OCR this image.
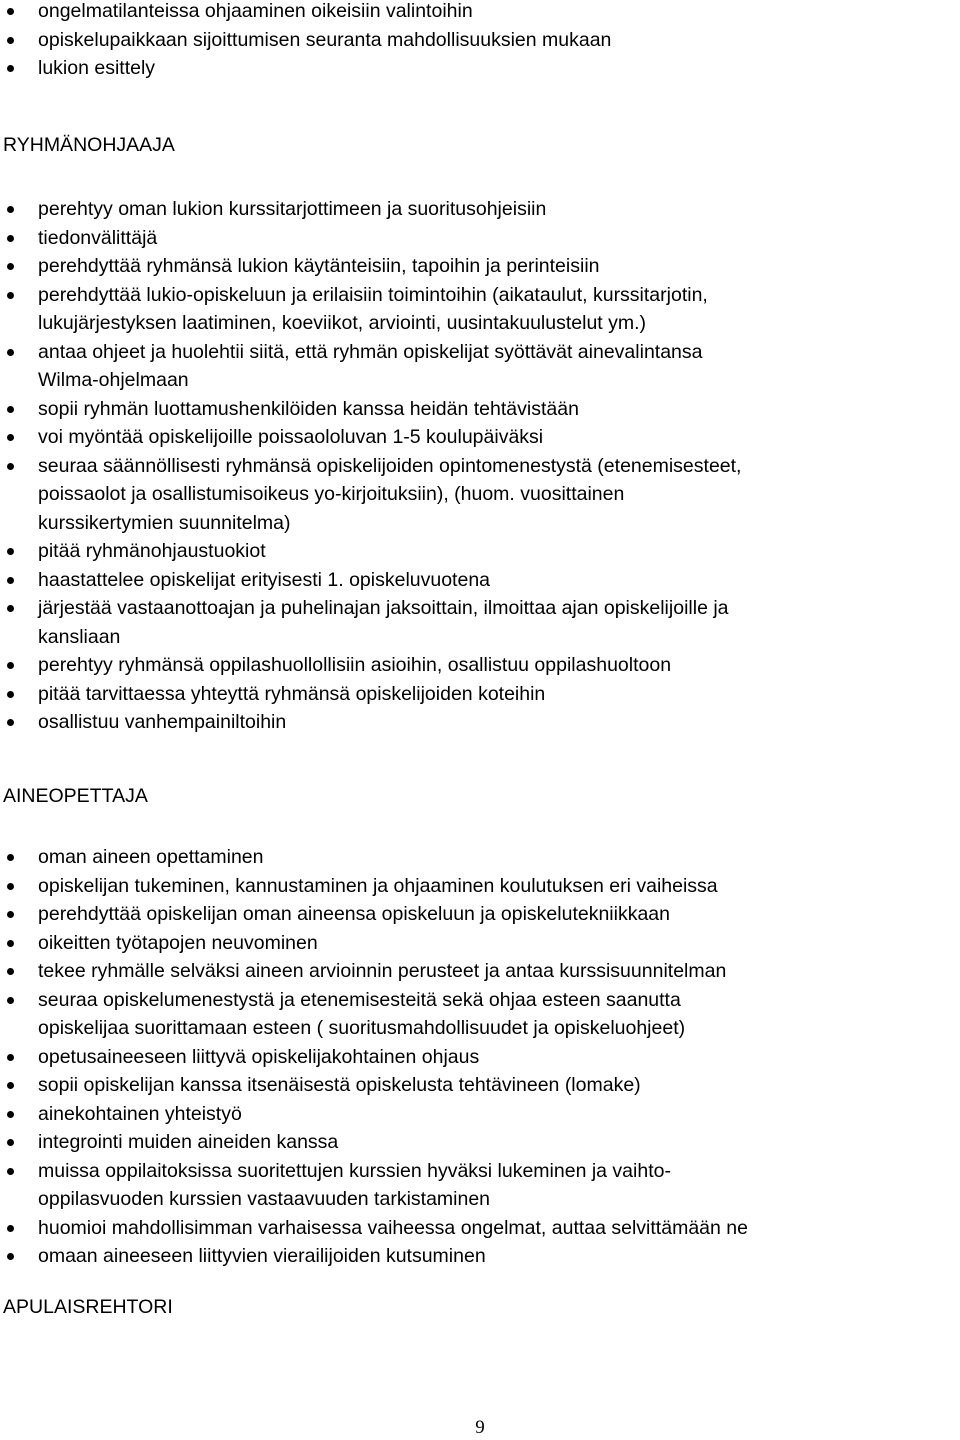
ongelmatilanteissa ohjaaminen oikeisiin valintoihin
opiskelupaikkaan sijoittumisen seuranta mahdollisuuksien mukaan
lukion esittely
RYHMÄNOHJAAJA
perehtyy oman lukion kurssitarjottimeen ja suoritusohjeisiin
tiedonvälittäjä
perehdyttää ryhmänsä lukion käytänteisiin, tapoihin ja perinteisiin
perehdyttää lukio-opiskeluun ja erilaisiin toimintoihin (aikataulut, kurssitarjotin,
lukujärjestyksen laatiminen, koeviikot, arviointi, uusintakuulustelut ym.)
antaa ohjeet ja huolehtii siitä, että ryhmän opiskelijat syöttävät ainevalintansa
Wilma-ohjelmaan
sopii ryhmän luottamushenkilöiden kanssa heidän tehtävistään
voi myöntää opiskelijoille poissaololuvan 1-5 koulupäiväksi
seuraa säännöllisesti ryhmänsä opiskelijoiden opintomenestystä (etenemisesteet,
poissaolot ja osallistumisoikeus yo-kirjoituksiin), (huom. vuosittainen
kurssikertymien suunnitelma)
pitää ryhmänohjaustuokiot
haastattelee opiskelijat erityisesti 1. opiskeluvuotena
järjestää vastaanottoajan ja puhelinajan jaksoittain, ilmoittaa ajan opiskelijoille ja
kansliaan
perehtyy ryhmänsä oppilashuollollisiin asioihin, osallistuu oppilashuoltoon
pitää tarvittaessa yhteyttä ryhmänsä opiskelijoiden koteihin
osallistuu vanhempainiltoihin
AINEOPETTAJA
oman aineen opettaminen
opiskelijan tukeminen, kannustaminen ja ohjaaminen koulutuksen eri vaiheissa
perehdyttää opiskelijan oman aineensa opiskeluun ja opiskelutekniikkaan
oikeitten työtapojen neuvominen
tekee ryhmälle selväksi aineen arvioinnin perusteet ja antaa kurssisuunnitelman
seuraa opiskelumenestystä ja etenemisesteitä sekä ohjaa esteen saanutta
opiskelijaa suorittamaan esteen ( suoritusmahdollisuudet ja opiskeluohjeet)
opetusaineeseen liittyvä opiskelijakohtainen ohjaus
sopii opiskelijan kanssa itsenäisestä opiskelusta tehtävineen (lomake)
ainekohtainen yhteistyö
integrointi muiden aineiden kanssa
muissa oppilaitoksissa suoritettujen kurssien hyväksi lukeminen ja vaihto-
oppilasvuoden kurssien vastaavuuden tarkistaminen
huomioi mahdollisimman varhaisessa vaiheessa ongelmat, auttaa selvittämään ne
omaan aineeseen liittyvien vierailijoiden kutsuminen
APULAISREHTORI
9
